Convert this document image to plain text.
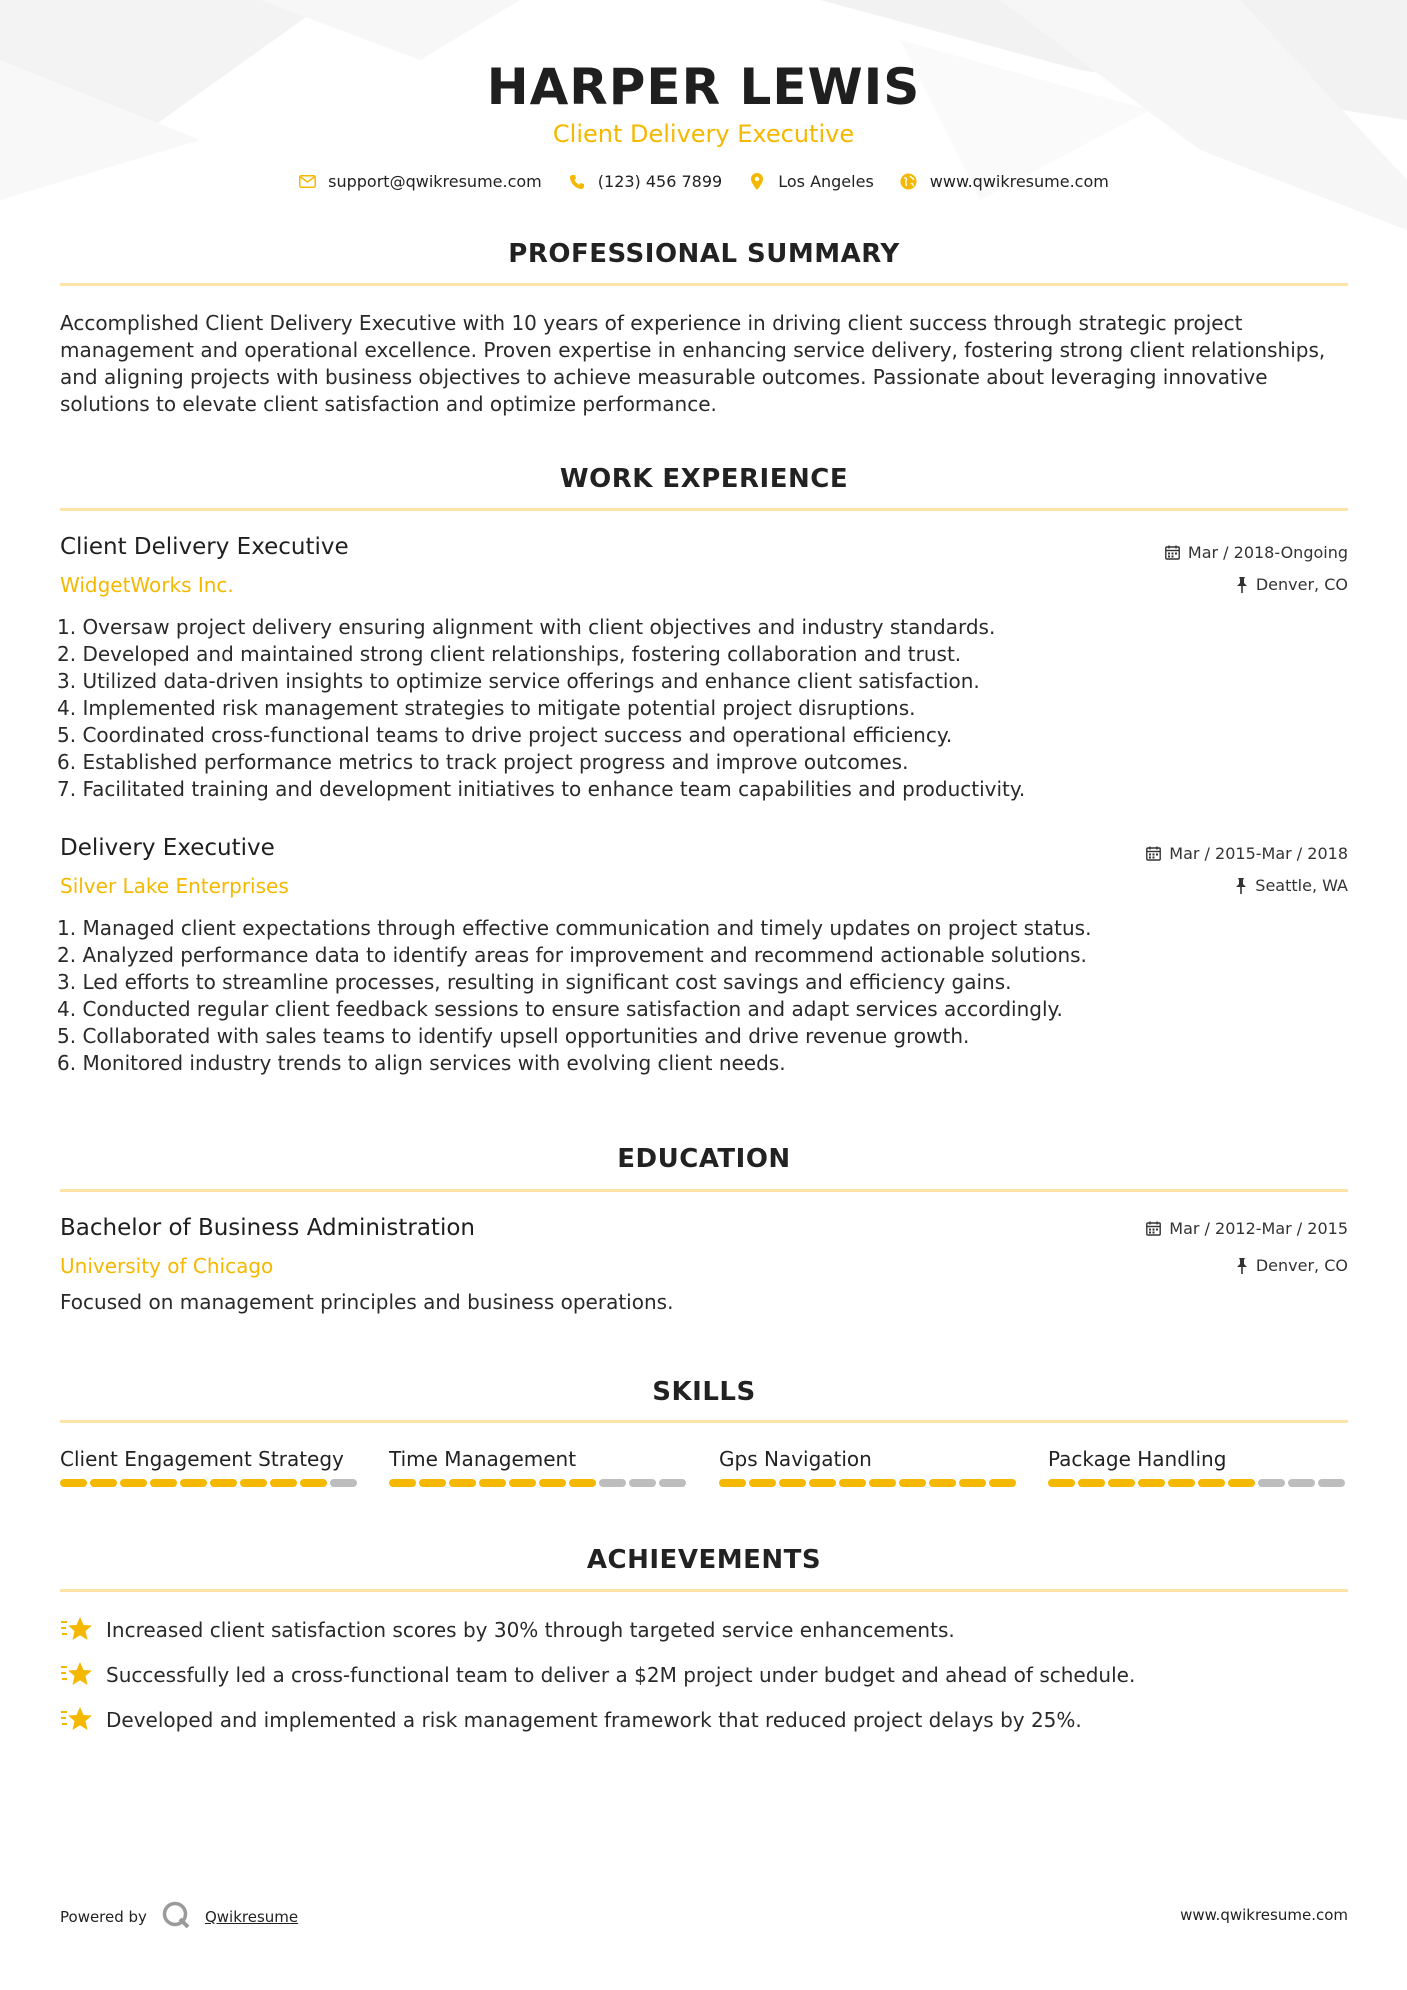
HARPER LEWIS
Client Delivery Executive
support@qwikresume.com	(123) 456 7899	Los Angeles	www.qwikresume.com
PROFESSIONAL SUMMARY
Accomplished Client Delivery Executive with 10 years of experience in driving client success through strategic project management and operational excellence. Proven expertise in enhancing service delivery, fostering strong client relationships, and aligning projects with business objectives to achieve measurable outcomes. Passionate about leveraging innovative solutions to elevate client satisfaction and optimize performance.
WORK EXPERIENCE
Client Delivery Executive
WidgetWorks Inc.
Mar / 2018-Ongoing
Denver, CO
1. Oversaw project delivery ensuring alignment with client objectives and industry standards.
2. Developed and maintained strong client relationships, fostering collaboration and trust.
3. Utilized data-driven insights to optimize service offerings and enhance client satisfaction.
4. Implemented risk management strategies to mitigate potential project disruptions.
5. Coordinated cross-functional teams to drive project success and operational efficiency.
6. Established performance metrics to track project progress and improve outcomes.
7. Facilitated training and development initiatives to enhance team capabilities and productivity.
Delivery Executive
Silver Lake Enterprises
Mar / 2015-Mar / 2018
Seattle, WA
1. Managed client expectations through effective communication and timely updates on project status.
2. Analyzed performance data to identify areas for improvement and recommend actionable solutions.
3. Led efforts to streamline processes, resulting in significant cost savings and efficiency gains.
4. Conducted regular client feedback sessions to ensure satisfaction and adapt services accordingly.
5. Collaborated with sales teams to identify upsell opportunities and drive revenue growth.
6. Monitored industry trends to align services with evolving client needs.
EDUCATION
Bachelor of Business Administration
University of Chicago
Mar / 2012-Mar / 2015
Denver, CO
Focused on management principles and business operations.
SKILLS
Client Engagement Strategy	Time Management	Gps Navigation	Package Handling
ACHIEVEMENTS
Increased client satisfaction scores by 30% through targeted service enhancements.
Successfully led a cross-functional team to deliver a $2M project under budget and ahead of schedule.
Developed and implemented a risk management framework that reduced project delays by 25%.
Powered by	Qwikresume	www.qwikresume.com
